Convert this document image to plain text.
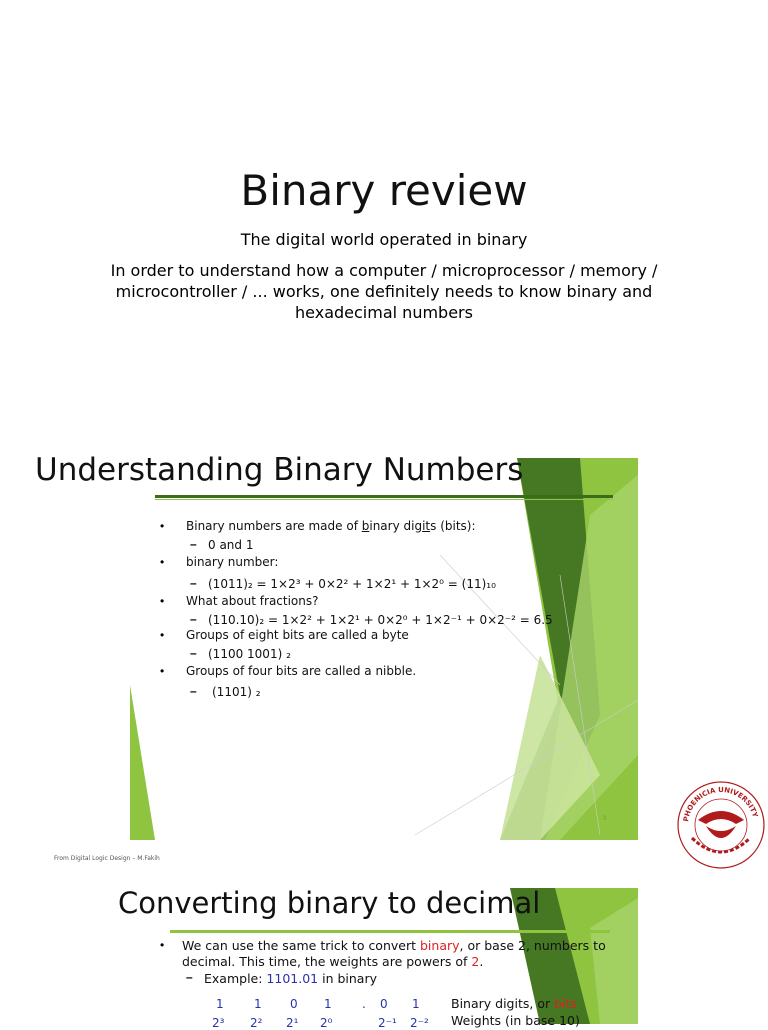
Binary review
The digital world operated in binary
In order to understand how a computer / microprocessor / memory / microcontroller / ... works, one definitely needs to know binary and hexadecimal numbers
Understanding Binary Numbers
• Binary numbers are made of binary digits (bits):
– 0 and 1
• binary number:
– (1011)₂ = 1×2³ + 0×2² + 1×2¹ + 1×2⁰ = (11)₁₀
• What about fractions?
– (110.10)₂ = 1×2² + 1×2¹ + 0×2⁰ + 1×2⁻¹ + 0×2⁻² = 6.5
• Groups of eight bits are called a byte
– (1100 1001) ₂
• Groups of four bits are called a nibble.
– (1101) ₂
3
From Digital Logic Design – M.Fakih
PHOENICIA UNIVERSITY
PU
Converting binary to decimal
• We can use the same trick to convert binary, or base 2, numbers to
decimal. This time, the weights are powers of 2.
– Example: 1101.01 in binary
1	1 0 1	. 0 1	Binary digits, or bits
2³ 2² 2¹ 2⁰	2⁻¹ 2⁻² Weights (in base 10)
